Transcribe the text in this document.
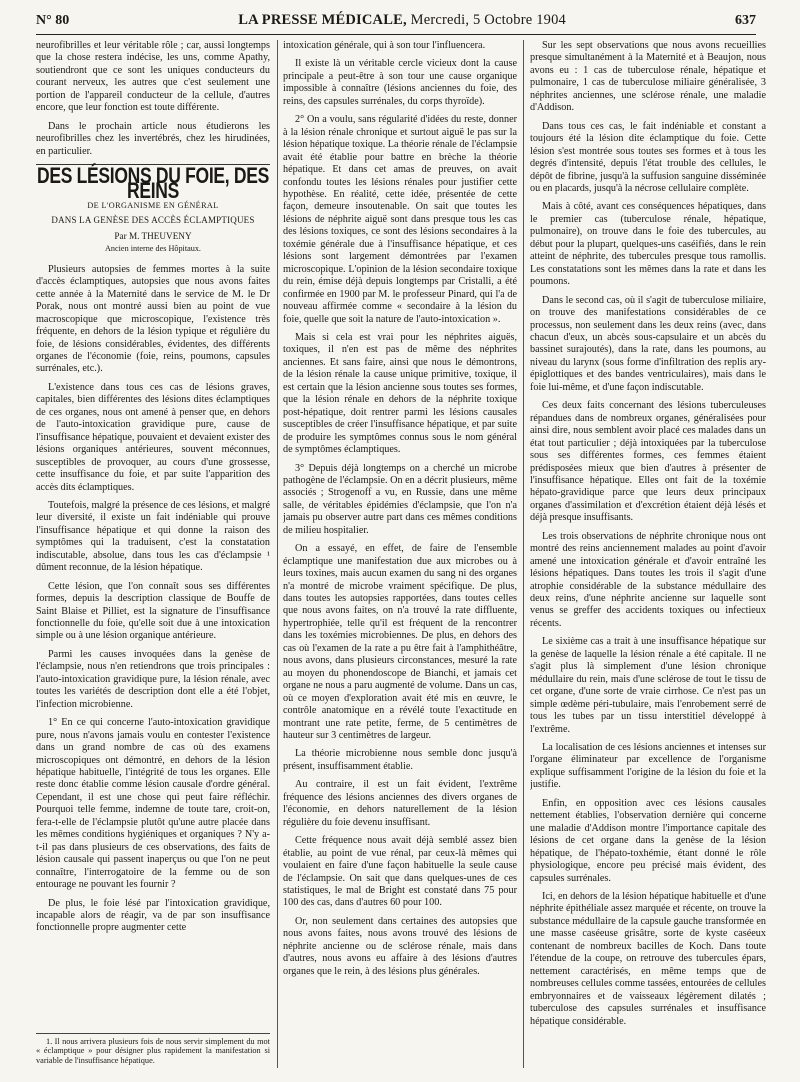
N° 80	LA PRESSE MÉDICALE, Mercredi, 5 Octobre 1904	637

neurofibrilles et leur véritable rôle ; car, aussi longtemps que la chose restera indécise, les uns, comme Apathy, soutiendront que ce sont les uniques conducteurs du courant nerveux, les autres que c'est seulement une portion de l'appareil conducteur de la cellule, d'autres encore, que leur fonction est toute différente.

Dans le prochain article nous étudierons les neurofibrilles chez les invertébrés, chez les hirudinées, en particulier.

DES LÉSIONS DU FOIE, DES REINS
DE L'ORGANISME EN GÉNÉRAL
DANS LA GENÈSE DES ACCÈS ÉCLAMPTIQUES
Par M. THEUVENY
Ancien interne des Hôpitaux.

Plusieurs autopsies de femmes mortes à la suite d'accès éclamptiques, autopsies que nous avons faites cette année à la Maternité dans le service de M. le Dr Porak, nous ont montré aussi bien au point de vue macroscopique que microscopique, l'existence très fréquente, en dehors de la lésion typique et régulière du foie, de lésions considérables, évidentes, des différents organes de l'économie (foie, reins, poumons, capsules surrénales, etc.).

L'existence dans tous ces cas de lésions graves, capitales, bien différentes des lésions dites éclamptiques de ces organes, nous ont amené à penser que, en dehors de l'auto-intoxication gravidique pure, cause de l'insuffisance hépatique, pouvaient et devaient exister des lésions organiques antérieures, souvent méconnues, susceptibles de provoquer, au cours d'une grossesse, cette insuffisance du foie, et par suite l'apparition des accès dits éclamptiques.

Toutefois, malgré la présence de ces lésions, et malgré leur diversité, il existe un fait indéniable qui prouve l'insuffisance hépatique et qui donne la raison des symptômes qui la traduisent, c'est la constatation indiscutable, absolue, dans tous les cas d'éclampsie ¹ dûment reconnue, de la lésion hépatique.

Cette lésion, que l'on connaît sous ses différentes formes, depuis la description classique de Bouffe de Saint Blaise et Pilliet, est la signature de l'insuffisance fonctionnelle du foie, qu'elle soit due à une intoxication simple ou à une lésion organique antérieure.

Parmi les causes invoquées dans la genèse de l'éclampsie, nous n'en retiendrons que trois principales : l'auto-intoxication gravidique pure, la lésion rénale, avec toutes les variétés de description dont elle a été l'objet, l'infection microbienne.

1° En ce qui concerne l'auto-intoxication gravidique pure, nous n'avons jamais voulu en contester l'existence dans un grand nombre de cas où des examens microscopiques ont démontré, en dehors de la lésion hépatique habituelle, l'intégrité de tous les organes. Elle reste donc établie comme lésion causale d'ordre général. Cependant, il est une chose qui peut faire réfléchir. Pourquoi telle femme, indemne de toute tare, croit-on, fera-t-elle de l'éclampsie plutôt qu'une autre placée dans les mêmes conditions hygiéniques et organiques ? N'y a-t-il pas dans plusieurs de ces observations, des faits de lésion causale qui passent inaperçus ou que l'on ne peut connaître, l'interrogatoire de la femme ou de son entourage ne pouvant les fournir ?

De plus, le foie lésé par l'intoxication gravidique, incapable alors de réagir, va de par son insuffisance fonctionnelle propre augmenter cette

1. Il nous arrivera plusieurs fois de nous servir simplement du mot « éclamptique » pour désigner plus rapidement la manifestation si variable de l'insuffisance hépatique.

intoxication générale, qui à son tour l'influencera.

Il existe là un véritable cercle vicieux dont la cause principale a peut-être à son tour une cause organique impossible à connaître (lésions anciennes du foie, des reins, des capsules surrénales, du corps thyroïde).

2° On a voulu, sans régularité d'idées du reste, donner à la lésion rénale chronique et surtout aiguë le pas sur la lésion hépatique toxique. La théorie rénale de l'éclampsie avait été établie pour battre en brèche la théorie hépatique. Et dans cet amas de preuves, on avait confondu toutes les lésions rénales pour justifier cette hypothèse. En réalité, cette idée, présentée de cette façon, demeure insoutenable. On sait que toutes les lésions de néphrite aiguë sont dans presque tous les cas des lésions toxiques, ce sont des lésions secondaires à la toxémie générale due à l'insuffisance hépatique, et ces lésions sont largement démontrées par l'examen microscopique. L'opinion de la lésion secondaire toxique du rein, émise déjà depuis longtemps par Cristalli, a été confirmée en 1900 par M. le professeur Pinard, qui l'a de nouveau affirmée comme « secondaire à la lésion du foie, quelle que soit la nature de l'auto-intoxication ».

Mais si cela est vrai pour les néphrites aiguës, toxiques, il n'en est pas de même des néphrites anciennes. Et sans faire, ainsi que nous le démontrons, de la lésion rénale la cause unique primitive, toxique, il est certain que la lésion ancienne sous toutes ses formes, que la lésion rénale en dehors de la néphrite toxique post-hépatique, doit rentrer parmi les lésions causales susceptibles de créer l'insuffisance hépatique, et par suite de produire les symptômes connus sous le nom général de symptômes éclamptiques.

3° Depuis déjà longtemps on a cherché un microbe pathogène de l'éclampsie. On en a décrit plusieurs, même associés ; Strogenoff a vu, en Russie, dans une même salle, de véritables épidémies d'éclampsie, que l'on n'a jamais pu observer autre part dans ces mêmes conditions de milieu hospitalier.

On a essayé, en effet, de faire de l'ensemble éclamptique une manifestation due aux microbes ou à leurs toxines, mais aucun examen du sang ni des organes n'a montré de microbe vraiment spécifique. De plus, dans toutes les autopsies rapportées, dans toutes celles que nous avons faites, on n'a trouvé la rate diffluente, hypertrophiée, telle qu'il est fréquent de la rencontrer dans les toxémies microbiennes. De plus, en dehors des cas où l'examen de la rate a pu être fait à l'amphithéâtre, nous avons, dans plusieurs circonstances, mesuré la rate au moyen du phonendoscope de Bianchi, et jamais cet organe ne nous a paru augmenté de volume. Dans un cas, où ce moyen d'exploration avait été mis en œuvre, le contrôle anatomique en a révélé toute l'exactitude en montrant une rate petite, ferme, de 5 centimètres de hauteur sur 3 centimètres de largeur.

La théorie microbienne nous semble donc jusqu'à présent, insuffisamment établie.

Au contraire, il est un fait évident, l'extrême fréquence des lésions anciennes des divers organes de l'économie, en dehors naturellement de la lésion régulière du foie devenu insuffisant.

Cette fréquence nous avait déjà semblé assez bien établie, au point de vue rénal, par ceux-là mêmes qui voulaient en faire d'une façon habituelle la seule cause de l'éclampsie. On sait que dans quelques-unes de ces statistiques, le mal de Bright est constaté dans 75 pour 100 des cas, dans d'autres 60 pour 100.

Or, non seulement dans certaines des autopsies que nous avons faites, nous avons trouvé des lésions de néphrite ancienne ou de sclérose rénale, mais dans d'autres, nous avons eu affaire à des lésions d'autres organes que le rein, à des lésions plus générales.

Sur les sept observations que nous avons recueillies presque simultanément à la Maternité et à Beaujon, nous avons eu : 1 cas de tuberculose rénale, hépatique et pulmonaire, 1 cas de tuberculose miliaire généralisée, 3 néphrites anciennes, une sclérose rénale, une maladie d'Addison.

Dans tous ces cas, le fait indéniable et constant a toujours été la lésion dite éclamptique du foie. Cette lésion s'est montrée sous toutes ses formes et à tous les degrés d'intensité, depuis l'état trouble des cellules, le dépôt de fibrine, jusqu'à la suffusion sanguine disséminée ou en placards, jusqu'à la nécrose cellulaire complète.

Mais à côté, avant ces conséquences hépatiques, dans le premier cas (tuberculose rénale, hépatique, pulmonaire), on trouve dans le foie des tubercules, au début pour la plupart, quelques-uns caséifiés, dans le rein atteint de néphrite, des tubercules presque tous ramollis. Les constatations sont les mêmes dans la rate et dans les poumons.

Dans le second cas, où il s'agit de tuberculose miliaire, on trouve des manifestations considérables de ce processus, non seulement dans les deux reins (avec, dans chacun d'eux, un abcès sous-capsulaire et un abcès du bassinet surajoutés), dans la rate, dans les poumons, au niveau du larynx (sous forme d'infiltration des replis ary-épiglottiques et des bandes ventriculaires), mais dans le foie lui-même, et d'une façon indiscutable.

Ces deux faits concernant des lésions tuberculeuses répandues dans de nombreux organes, généralisées pour ainsi dire, nous semblent avoir placé ces malades dans un état tout particulier ; déjà intoxiquées par la tuberculose sous ses différentes formes, ces femmes étaient prédisposées mieux que bien d'autres à présenter de l'insuffisance hépatique. Elles ont fait de la toxémie hépato-gravidique parce que leurs deux principaux organes d'assimilation et d'excrétion étaient déjà lésés et déjà presque insuffisants.

Les trois observations de néphrite chronique nous ont montré des reins anciennement malades au point d'avoir amené une intoxication générale et d'avoir entraîné les lésions hépatiques. Dans toutes les trois il s'agit d'une atrophie considérable de la substance médullaire des deux reins, d'une néphrite ancienne sur laquelle sont venus se greffer des accidents toxiques ou infectieux récents.

Le sixième cas a trait à une insuffisance hépatique sur la genèse de laquelle la lésion rénale a été capitale. Il ne s'agit plus là simplement d'une lésion chronique médullaire du rein, mais d'une sclérose de tout le tissu de cet organe, d'une sorte de vraie cirrhose. Ce n'est pas un simple œdème péri-tubulaire, mais l'enrobement serré de tous les tubes par un tissu interstitiel développé à l'extrême.

La localisation de ces lésions anciennes et intenses sur l'organe éliminateur par excellence de l'organisme explique suffisamment l'origine de la lésion du foie et la justifie.

Enfin, en opposition avec ces lésions causales nettement établies, l'observation dernière qui concerne une maladie d'Addison montre l'importance capitale des lésions de cet organe dans la genèse de la lésion hépatique, de l'hépato-toxhémie, étant donné le rôle physiologique, encore peu précisé mais évident, des capsules surrénales.

Ici, en dehors de la lésion hépatique habituelle et d'une néphrite épithéliale assez marquée et récente, on trouve la substance médullaire de la capsule gauche transformée en une masse caséeuse grisâtre, sorte de kyste caséeux contenant de nombreux bacilles de Koch. Dans toute l'étendue de la coupe, on retrouve des tubercules épars, nettement caractérisés, en même temps que de nombreuses cellules comme tassées, entourées de cellules embryonnaires et de vaisseaux légèrement dilatés ; tuberculose des capsules surrénales et insuffisance hépatique considérable.
